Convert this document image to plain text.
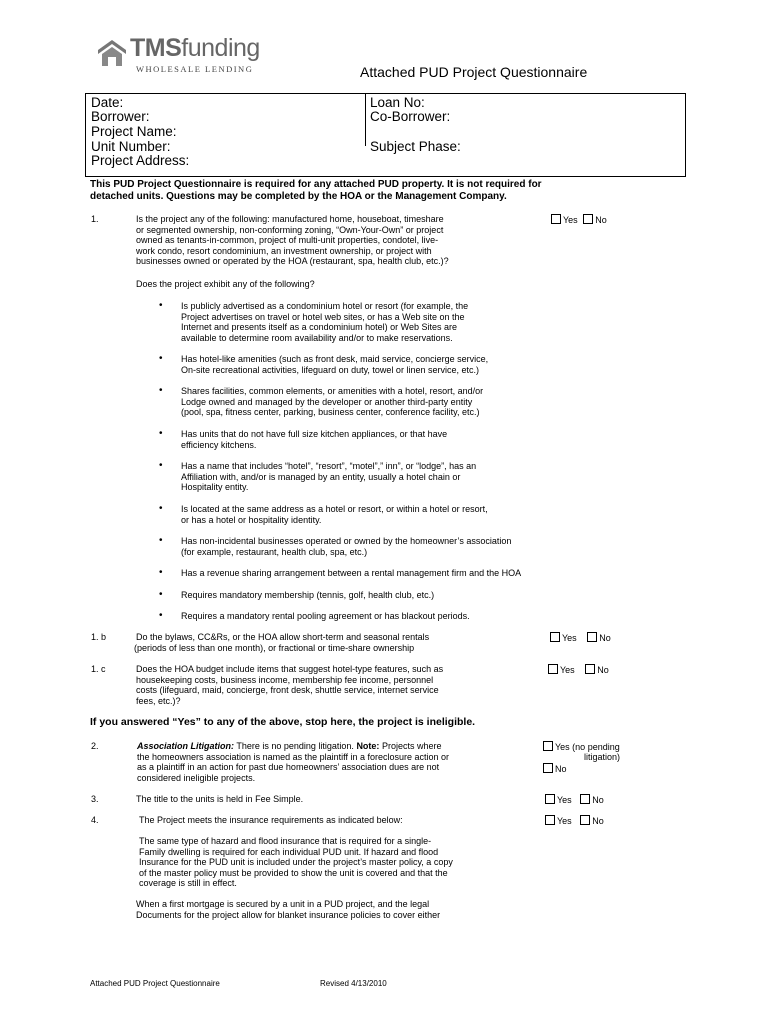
TMSfunding
WHOLESALE LENDING	Attached PUD Project Questionnaire
Date:	Loan No:
Borrower:	Co-Borrower:
Project Name:
Unit Number:	Subject Phase:
Project Address:
This PUD Project Questionnaire is required for any attached PUD property. It is not required for
detached units. Questions may be completed by the HOA or the Management Company.
1.	Is the project any of the following: manufactured home, houseboat, timeshare
or segmented ownership, non-conforming zoning, “Own-Your-Own” or project
owned as tenants-in-common, project of multi-unit properties, condotel, live-
work condo, resort condominium, an investment ownership, or project with
businesses owned or operated by the HOA (restaurant, spa, health club, etc.)?
Yes No
Does the project exhibit any of the following?
• Is publicly advertised as a condominium hotel or resort (for example, the
Project advertises on travel or hotel web sites, or has a Web site on the
Internet and presents itself as a condominium hotel) or Web Sites are
available to determine room availability and/or to make reservations.
• Has hotel-like amenities (such as front desk, maid service, concierge service,
On-site recreational activities, lifeguard on duty, towel or linen service, etc.)
• Shares facilities, common elements, or amenities with a hotel, resort, and/or
Lodge owned and managed by the developer or another third-party entity
(pool, spa, fitness center, parking, business center, conference facility, etc.)
• Has units that do not have full size kitchen appliances, or that have
efficiency kitchens.
• Has a name that includes “hotel”, “resort”, “motel”,” inn”, or “lodge”, has an
Affiliation with, and/or is managed by an entity, usually a hotel chain or
Hospitality entity.
• Is located at the same address as a hotel or resort, or within a hotel or resort,
or has a hotel or hospitality identity.
• Has non-incidental businesses operated or owned by the homeowner’s association
(for example, restaurant, health club, spa, etc.)
• Has a revenue sharing arrangement between a rental management firm and the HOA
• Requires mandatory membership (tennis, golf, health club, etc.)
• Requires a mandatory rental pooling agreement or has blackout periods.
1. b	Do the bylaws, CC&Rs, or the HOA allow short-term and seasonal rentals
(periods of less than one month), or fractional or time-share ownership
Yes	No
1. c	Does the HOA budget include items that suggest hotel-type features, such as
housekeeping costs, business income, membership fee income, personnel
costs (lifeguard, maid, concierge, front desk, shuttle service, internet service
fees, etc.)?
Yes	No
If you answered “Yes” to any of the above, stop here, the project is ineligible.
2.	Association Litigation: There is no pending litigation. Note: Projects where
the homeowners association is named as the plaintiff in a foreclosure action or
as a plaintiff in an action for past due homeowners’ association dues are not
considered ineligible projects.
Yes (no pending
litigation)
No
3.	The title to the units is held in Fee Simple.	Yes No
4.	The Project meets the insurance requirements as indicated below:	Yes No
The same type of hazard and flood insurance that is required for a single-
Family dwelling is required for each individual PUD unit. If hazard and flood
Insurance for the PUD unit is included under the project’s master policy, a copy
of the master policy must be provided to show the unit is covered and that the
coverage is still in effect.
When a first mortgage is secured by a unit in a PUD project, and the legal
Documents for the project allow for blanket insurance policies to cover either
Attached PUD Project Questionnaire	Revised 4/13/2010
